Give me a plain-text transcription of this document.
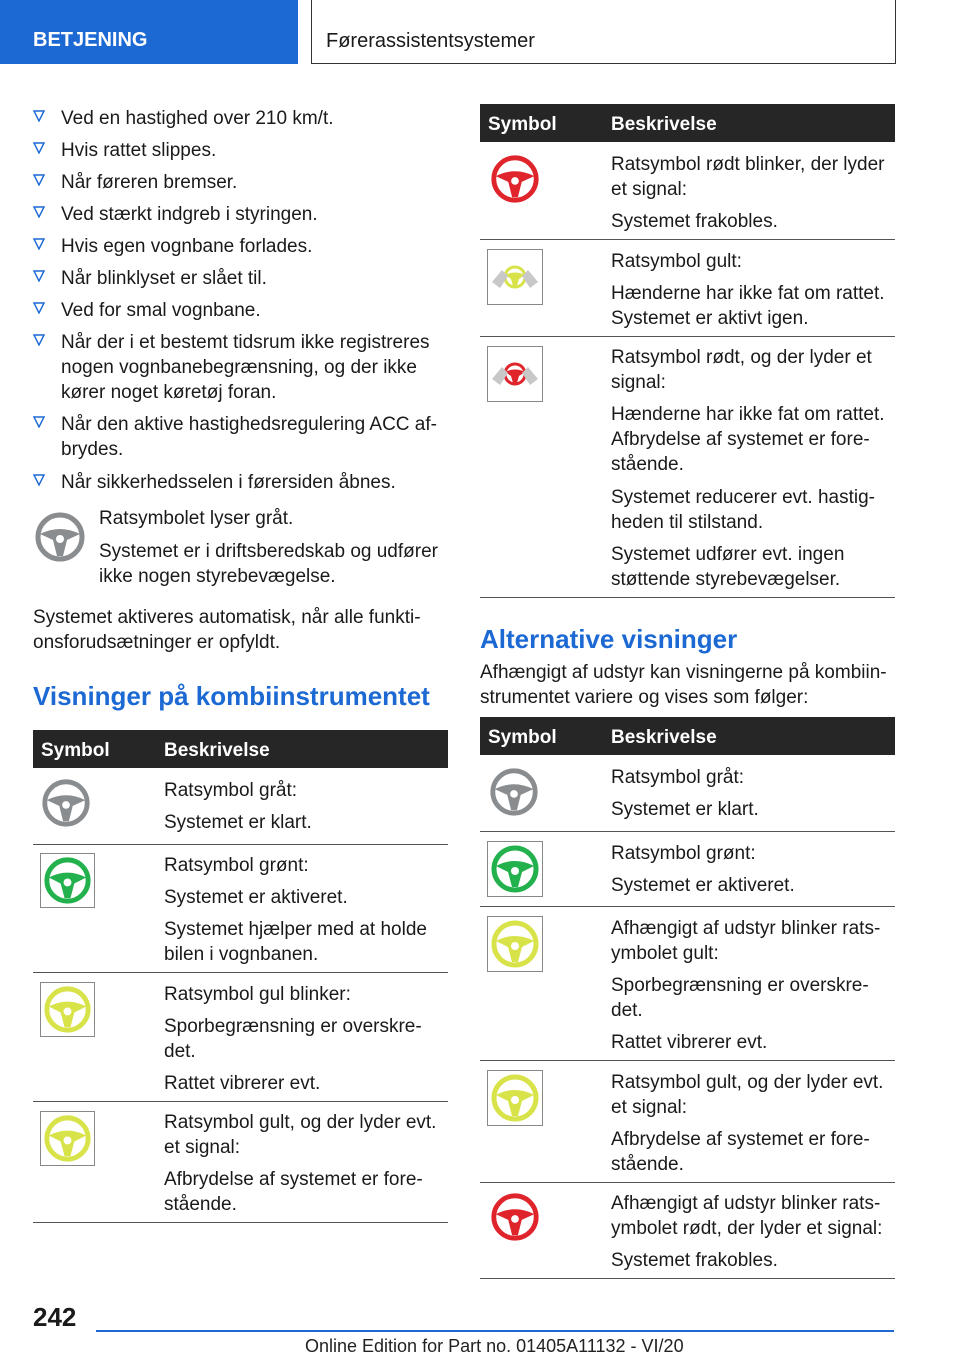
BETJENING	Førerassistentsystemer
Ved en hastighed over 210 km/t.
Hvis rattet slippes.
Når føreren bremser.
Ved stærkt indgreb i styringen.
Hvis egen vognbane forlades.
Når blinklyset er slået til.
Ved for smal vognbane.
Når der i et bestemt tidsrum ikke registreres nogen vognbanebegrænsning, og der ikke kører noget køretøj foran.
Når den aktive hastighedsregulering ACC af-brydes.
Når sikkerhedsselen i førersiden åbnes.
Ratsymbolet lyser gråt.
Systemet er i driftsberedskab og udfører ikke nogen styrebevægelse.

Systemet aktiveres automatisk, når alle funkti-onsforudsætninger er opfyldt.

Visninger på kombiinstrumentet
Symbol	Beskrivelse
Ratsymbol gråt:
Systemet er klart.
Ratsymbol grønt:
Systemet er aktiveret.
Systemet hjælper med at holde bilen i vognbanen.
Ratsymbol gul blinker:
Sporbegrænsning er overskre-det.
Rattet vibrerer evt.
Ratsymbol gult, og der lyder evt. et signal:
Afbrydelse af systemet er fore-stående.
Symbol	Beskrivelse
Ratsymbol rødt blinker, der lyder et signal:
Systemet frakobles.
Ratsymbol gult:
Hænderne har ikke fat om rattet. Systemet er aktivt igen.
Ratsymbol rødt, og der lyder et signal:
Hænderne har ikke fat om rattet. Afbrydelse af systemet er fore-stående.
Systemet reducerer evt. hastig-heden til stilstand.
Systemet udfører evt. ingen støttende styrebevægelser.
Alternative visninger

Afhængigt af udstyr kan visningerne på kombiin-strumentet variere og vises som følger:

Symbol	Beskrivelse
Ratsymbol gråt:
Systemet er klart.
Ratsymbol grønt:
Systemet er aktiveret.
Afhængigt af udstyr blinker rats-ymbolet gult:
Sporbegrænsning er overskre-det.
Rattet vibrerer evt.
Ratsymbol gult, og der lyder evt. et signal:
Afbrydelse af systemet er fore-stående.
Afhængigt af udstyr blinker rats-ymbolet rødt, der lyder et signal:
Systemet frakobles.
242
Online Edition for Part no. 01405A11132 - VI/20
